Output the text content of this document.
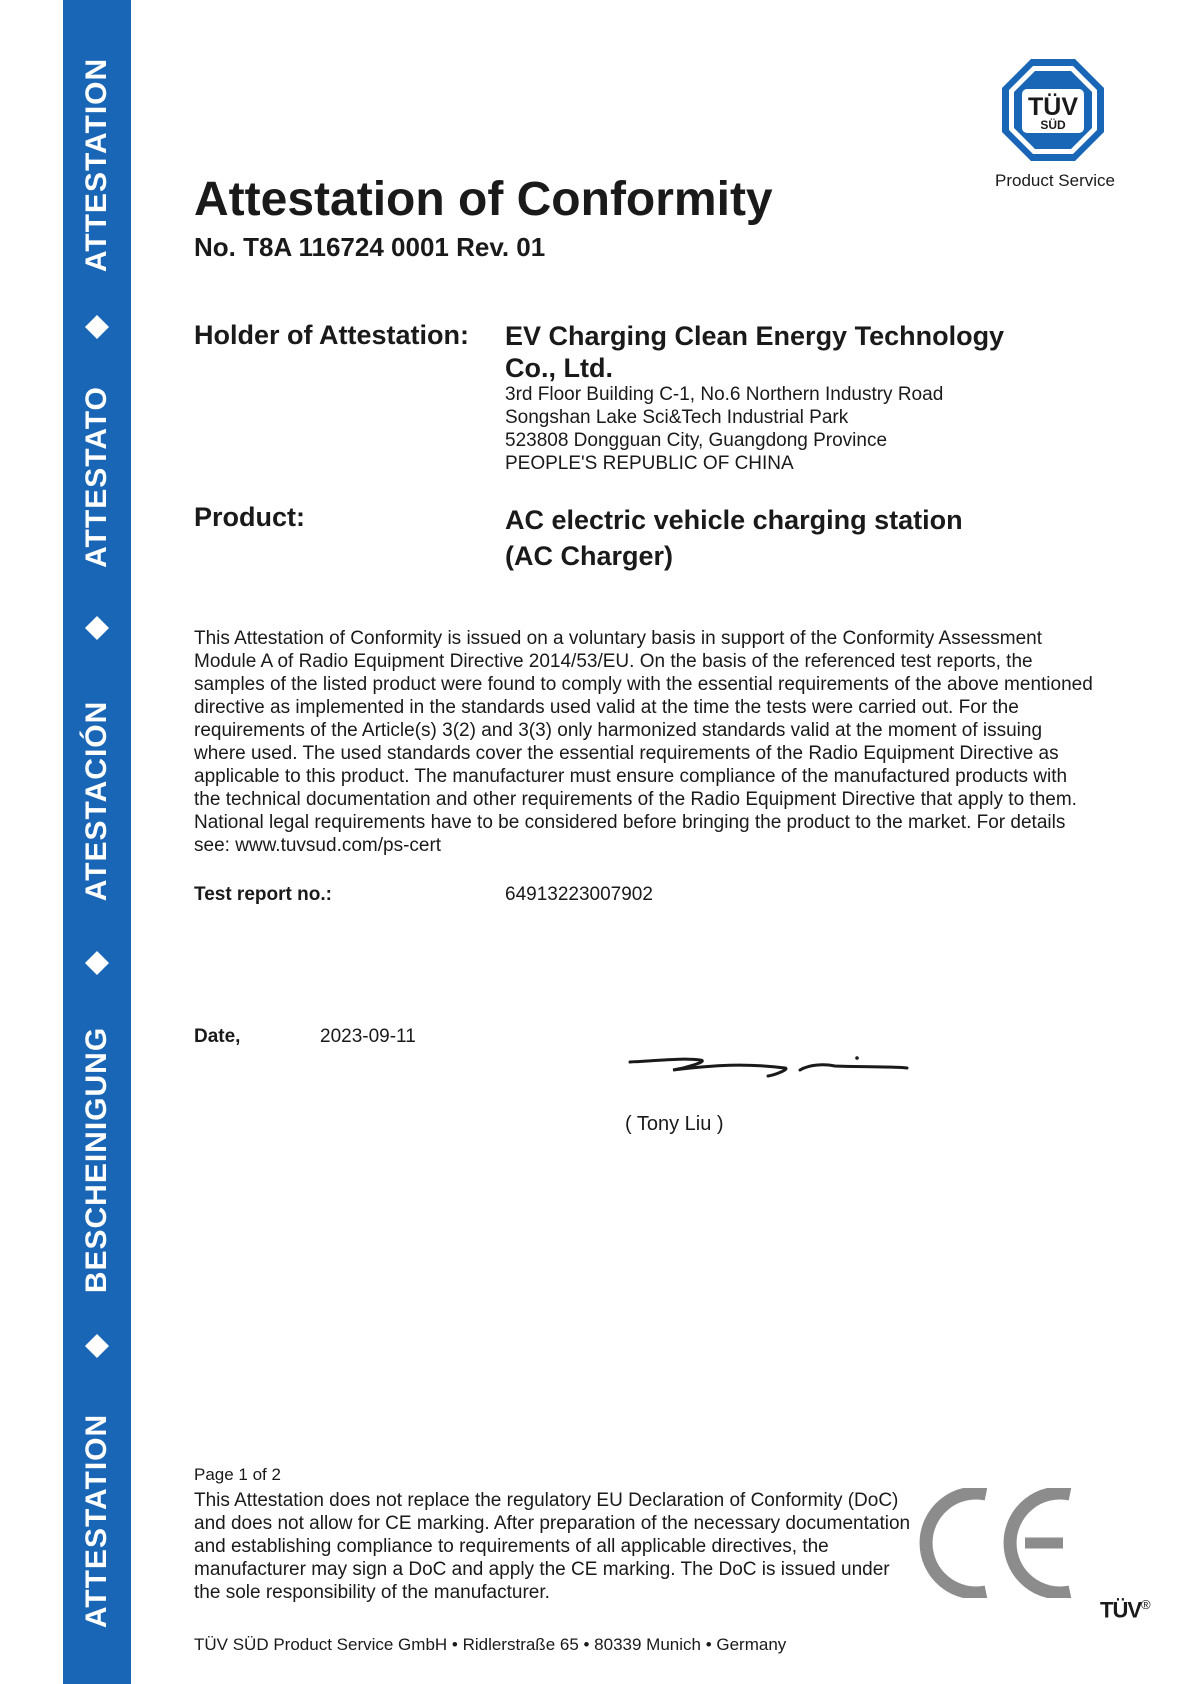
ATTESTATION
ATTESTATO
ATESTACIÓN
BESCHEINIGUNG
ATTESTATION
TÜV
SÜD
Product Service
Attestation of Conformity
No. T8A 116724 0001 Rev. 01
Holder of Attestation: EV Charging Clean Energy Technology
Co., Ltd.
3rd Floor Building C-1, No.6 Northern Industry Road
Songshan Lake Sci&Tech Industrial Park
523808 Dongguan City, Guangdong Province
PEOPLE'S REPUBLIC OF CHINA
Product:	AC electric vehicle charging station
(AC Charger)

This Attestation of Conformity is issued on a voluntary basis in support of the Conformity Assessment Module A of Radio Equipment Directive 2014/53/EU. On the basis of the referenced test reports, the samples of the listed product were found to comply with the essential requirements of the above mentioned directive as implemented in the standards used valid at the time the tests were carried out. For the requirements of the Article(s) 3(2) and 3(3) only harmonized standards valid at the moment of issuing where used. The used standards cover the essential requirements of the Radio Equipment Directive as applicable to this product. The manufacturer must ensure compliance of the manufactured products with the technical documentation and other requirements of the Radio Equipment Directive that apply to them. National legal requirements have to be considered before bringing the product to the market. For details see: www.tuvsud.com/ps-cert

Test report no.:	64913223007902
Date,	2023-09-11
( Tony Liu )
Page 1 of 2

This Attestation does not replace the regulatory EU Declaration of Conformity (DoC) and does not allow for CE marking. After preparation of the necessary documentation and establishing compliance to requirements of all applicable directives, the manufacturer may sign a DoC and apply the CE marking. The DoC is issued under the sole responsibility of the manufacturer.

TÜV SÜD Product Service GmbH • Ridlerstraße 65 • 80339 Munich • Germany
TÜV®
